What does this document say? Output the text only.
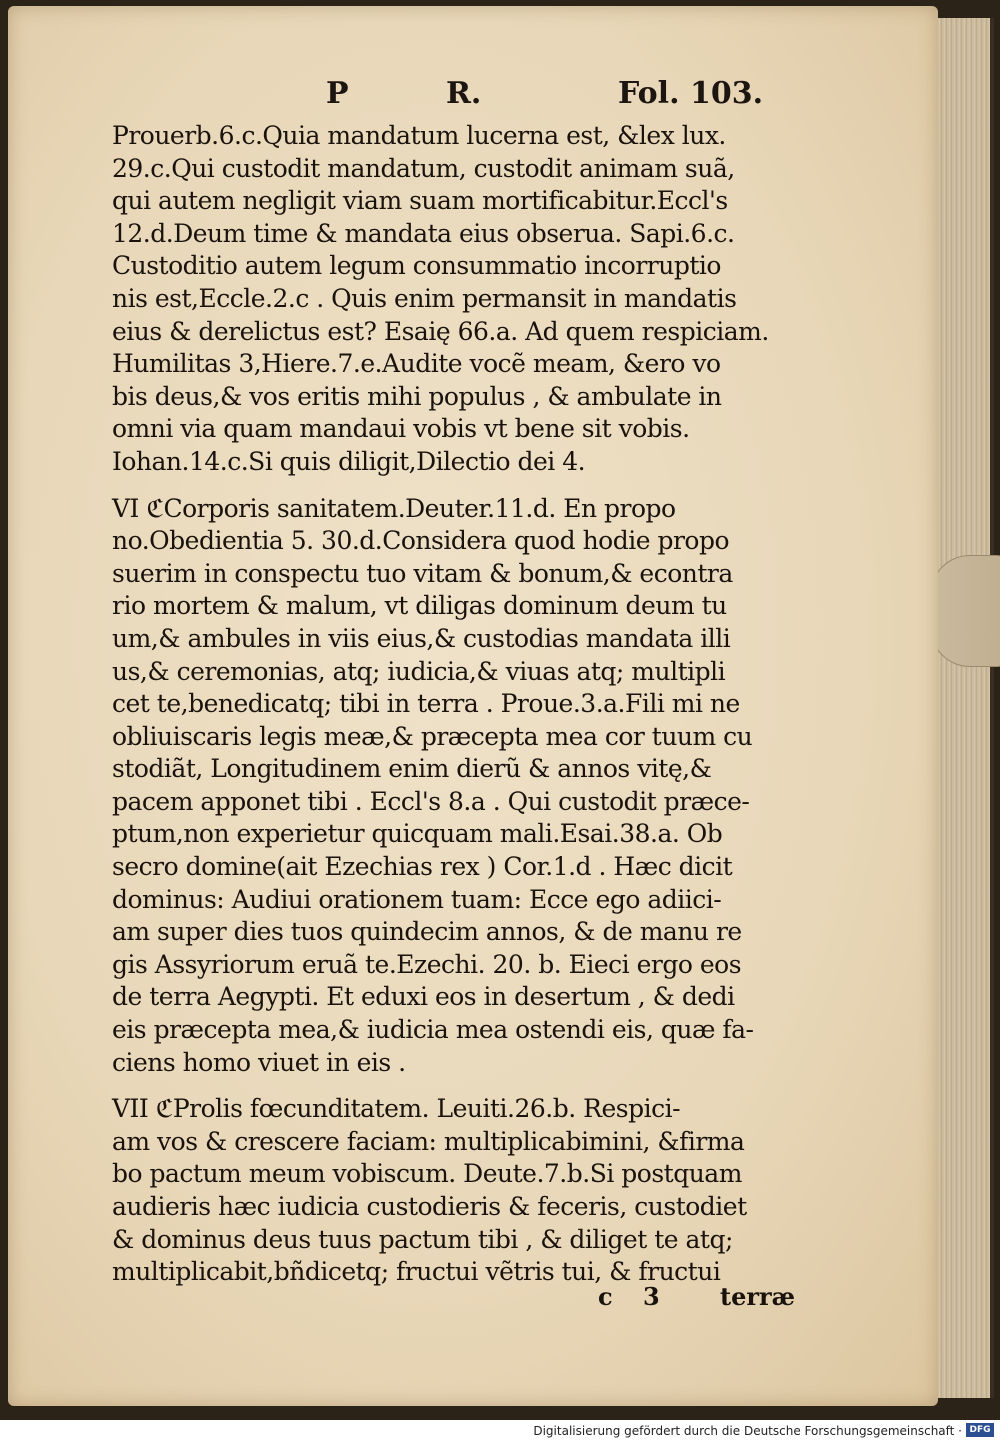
P	R.	Fol. 103.
Prouerb.6.c.Quia mandatum lucerna est, &lex lux.
29.c.Qui custodit mandatum, custodit animam suã,
qui autem negligit viam suam mortificabitur.Eccl's
12.d.Deum time & mandata eius obserua. Sapi.6.c.
Custoditio autem legum consummatio incorruptio
nis est,Eccle.2.c . Quis enim permansit in mandatis
eius & derelictus est? Esaię 66.a. Ad quem respiciam.
Humilitas 3,Hiere.7.e.Audite vocẽ meam, &ero vo
bis deus,& vos eritis mihi populus , & ambulate in
omni via quam mandaui vobis vt bene sit vobis.
Iohan.14.c.Si quis diligit,Dilectio dei 4.
VI ℭCorporis sanitatem.Deuter.11.d. En propo
no.Obedientia 5. 30.d.Considera quod hodie propo
suerim in conspectu tuo vitam & bonum,& econtra
rio mortem & malum, vt diligas dominum deum tu
um,& ambules in viis eius,& custodias mandata illi
us,& ceremonias, atq; iudicia,& viuas atq; multipli
cet te,benedicatq; tibi in terra . Proue.3.a.Fili mi ne
obliuiscaris legis meæ,& præcepta mea cor tuum cu
stodiãt, Longitudinem enim dierũ & annos vitę,&
pacem apponet tibi . Eccl's 8.a . Qui custodit præce-
ptum,non experietur quicquam mali.Esai.38.a. Ob
secro domine(ait Ezechias rex ) Cor.1.d . Hæc dicit
dominus: Audiui orationem tuam: Ecce ego adiici-
am super dies tuos quindecim annos, & de manu re
gis Assyriorum eruã te.Ezechi. 20. b. Eieci ergo eos
de terra Aegypti. Et eduxi eos in desertum , & dedi
eis præcepta mea,& iudicia mea ostendi eis, quæ fa-
ciens homo viuet in eis .
VII ℭProlis fœcunditatem. Leuiti.26.b. Respici-
am vos & crescere faciam: multiplicabimini, &firma
bo pactum meum vobiscum. Deute.7.b.Si postquam
audieris hæc iudicia custodieris & feceris, custodiet
& dominus deus tuus pactum tibi , & diliget te atq;
multiplicabit,bñdicetq; fructui vẽtris tui, & fructui
c 3	terræ
Digitalisierung gefördert durch die Deutsche Forschungsgemeinschaft · DFG
